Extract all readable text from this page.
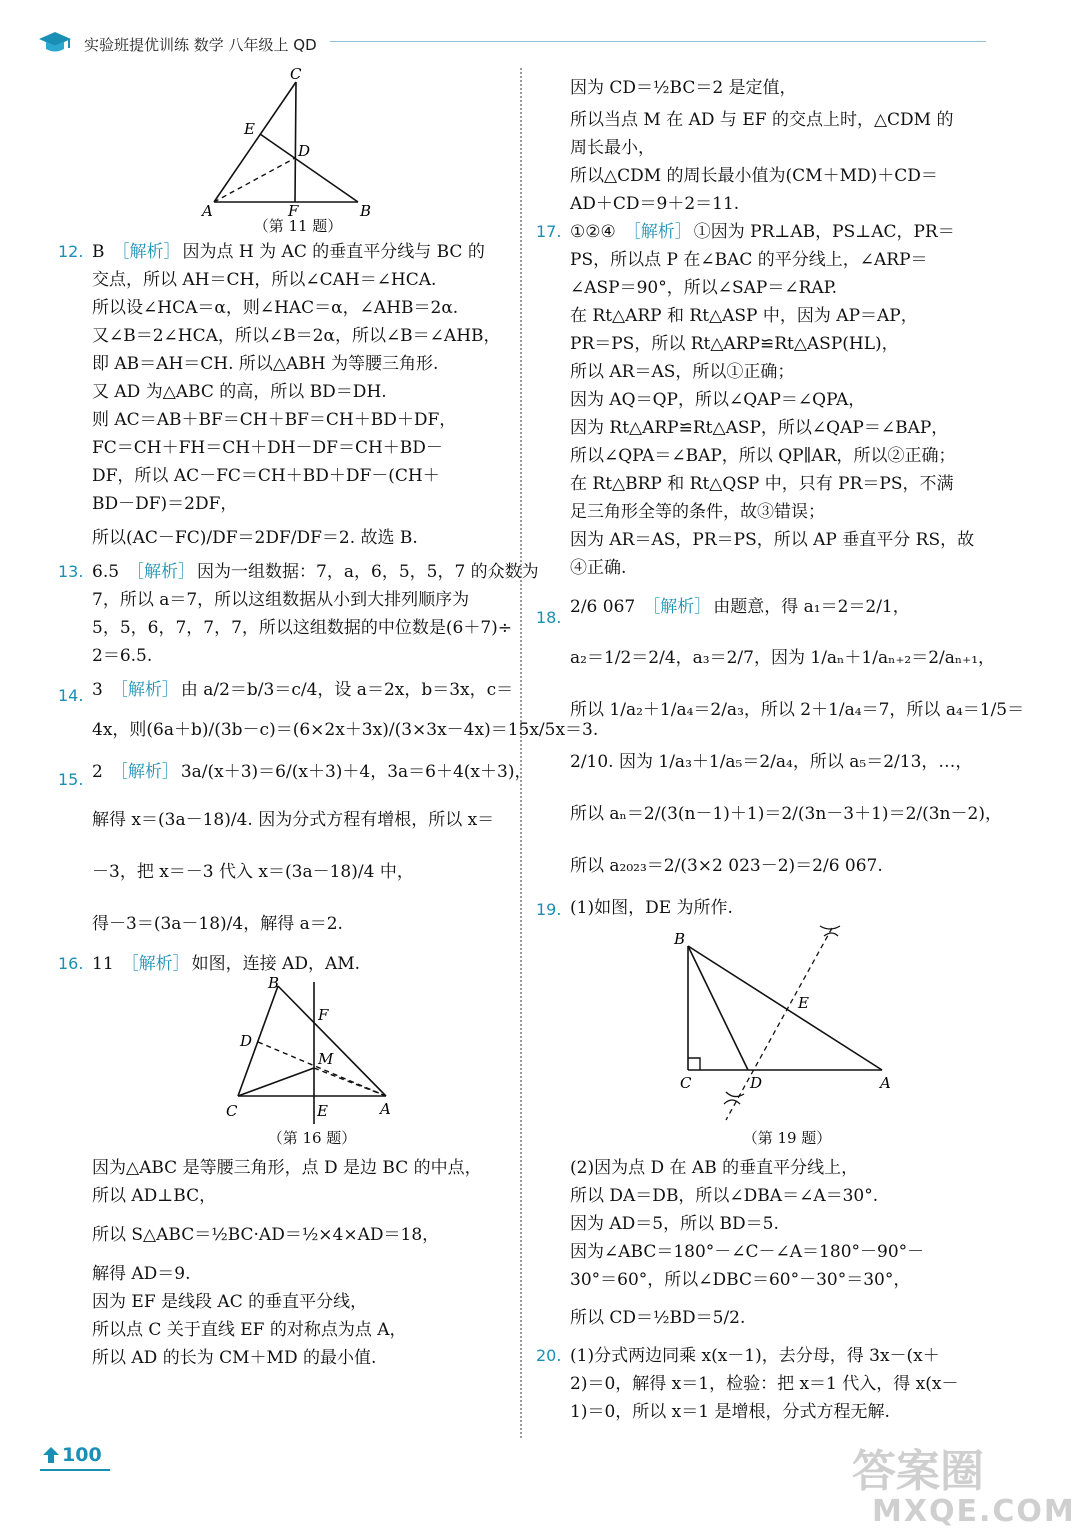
实验班提优训练 数学 八年级上 QD
C
E
D
A	F	B
（第 11 题）

12. B ［解析］ 因为点 H 为 AC 的垂直平分线与 BC 的

交点，所以 AH＝CH，所以∠CAH＝∠HCA.

所以设∠HCA＝α，则∠HAC＝α，∠AHB＝2α.

又∠B＝2∠HCA，所以∠B＝2α，所以∠B＝∠AHB，

即 AB＝AH＝CH. 所以△ABH 为等腰三角形.

又 AD 为△ABC 的高，所以 BD＝DH.

则 AC＝AB＋BF＝CH＋BF＝CH＋BD＋DF，

FC＝CH＋FH＝CH＋DH－DF＝CH＋BD－

DF，所以 AC－FC＝CH＋BD＋DF－(CH＋

BD－DF)＝2DF，

所以(AC－FC)/DF＝2DF/DF＝2. 故选 B.

13. 6.5 ［解析］ 因为一组数据：7，a，6，5，5，7 的众数为

7，所以 a＝7，所以这组数据从小到大排列顺序为

5，5，6，7，7，7，所以这组数据的中位数是(6＋7)÷

2＝6.5.

14. 3 ［解析］ 由 a/2＝b/3＝c/4，设 a＝2x，b＝3x，c＝

4x，则(6a＋b)/(3b－c)＝(6×2x＋3x)/(3×3x－4x)＝15x/5x＝3.

15. 2 ［解析］ 3a/(x＋3)＝6/(x＋3)＋4，3a＝6＋4(x＋3)，

解得 x＝(3a－18)/4. 因为分式方程有增根，所以 x＝

－3，把 x＝－3 代入 x＝(3a－18)/4 中，

得－3＝(3a－18)/4，解得 a＝2.

16. 11 ［解析］ 如图，连接 AD，AM.

B
F
D
M
C	E	A
（第 16 题）

因为△ABC 是等腰三角形，点 D 是边 BC 的中点，

所以 AD⊥BC，

所以 S△ABC＝½BC·AD＝½×4×AD＝18，

解得 AD＝9.

因为 EF 是线段 AC 的垂直平分线，

所以点 C 关于直线 EF 的对称点为点 A，

所以 AD 的长为 CM＋MD 的最小值.

因为 CD＝½BC＝2 是定值，

所以当点 M 在 AD 与 EF 的交点上时，△CDM 的

周长最小，

所以△CDM 的周长最小值为(CM＋MD)＋CD＝

AD＋CD＝9＋2＝11.

17. ①②④ ［解析］ ①因为 PR⊥AB，PS⊥AC，PR＝

PS，所以点 P 在∠BAC 的平分线上，∠ARP＝

∠ASP＝90°，所以∠SAP＝∠RAP.

在 Rt△ARP 和 Rt△ASP 中，因为 AP＝AP，

PR＝PS，所以 Rt△ARP≌Rt△ASP(HL)，

所以 AR＝AS，所以①正确；

因为 AQ＝QP，所以∠QAP＝∠QPA，

因为 Rt△ARP≌Rt△ASP，所以∠QAP＝∠BAP，

所以∠QPA＝∠BAP，所以 QP∥AR，所以②正确；

在 Rt△BRP 和 Rt△QSP 中，只有 PR＝PS，不满

足三角形全等的条件，故③错误；

因为 AR＝AS，PR＝PS，所以 AP 垂直平分 RS，故

④正确.

18.
2/6 067 ［解析］ 由题意，得 a₁＝2＝2/1，

a₂＝1/2＝2/4，a₃＝2/7，因为 1/aₙ＋1/aₙ₊₂＝2/aₙ₊₁，

所以 1/a₂＋1/a₄＝2/a₃，所以 2＋1/a₄＝7，所以 a₄＝1/5＝

2/10. 因为 1/a₃＋1/a₅＝2/a₄，所以 a₅＝2/13，…，

所以 aₙ＝2/(3(n－1)＋1)＝2/(3n－3＋1)＝2/(3n－2)，

所以 a₂₀₂₃＝2/(3×2 023－2)＝2/6 067.

19. (1)如图，DE 为所作.

B
E
C	D	A
（第 19 题）

(2)因为点 D 在 AB 的垂直平分线上，

所以 DA＝DB，所以∠DBA＝∠A＝30°.

因为 AD＝5，所以 BD＝5.

因为∠ABC＝180°－∠C－∠A＝180°－90°－

30°＝60°，所以∠DBC＝60°－30°＝30°，

所以 CD＝½BD＝5/2.

20. (1)分式两边同乘 x(x－1)，去分母，得 3x－(x＋

2)＝0，解得 x＝1，检验：把 x＝1 代入，得 x(x－

1)＝0，所以 x＝1 是增根，分式方程无解.

100	答案圈
MXQE.COM
